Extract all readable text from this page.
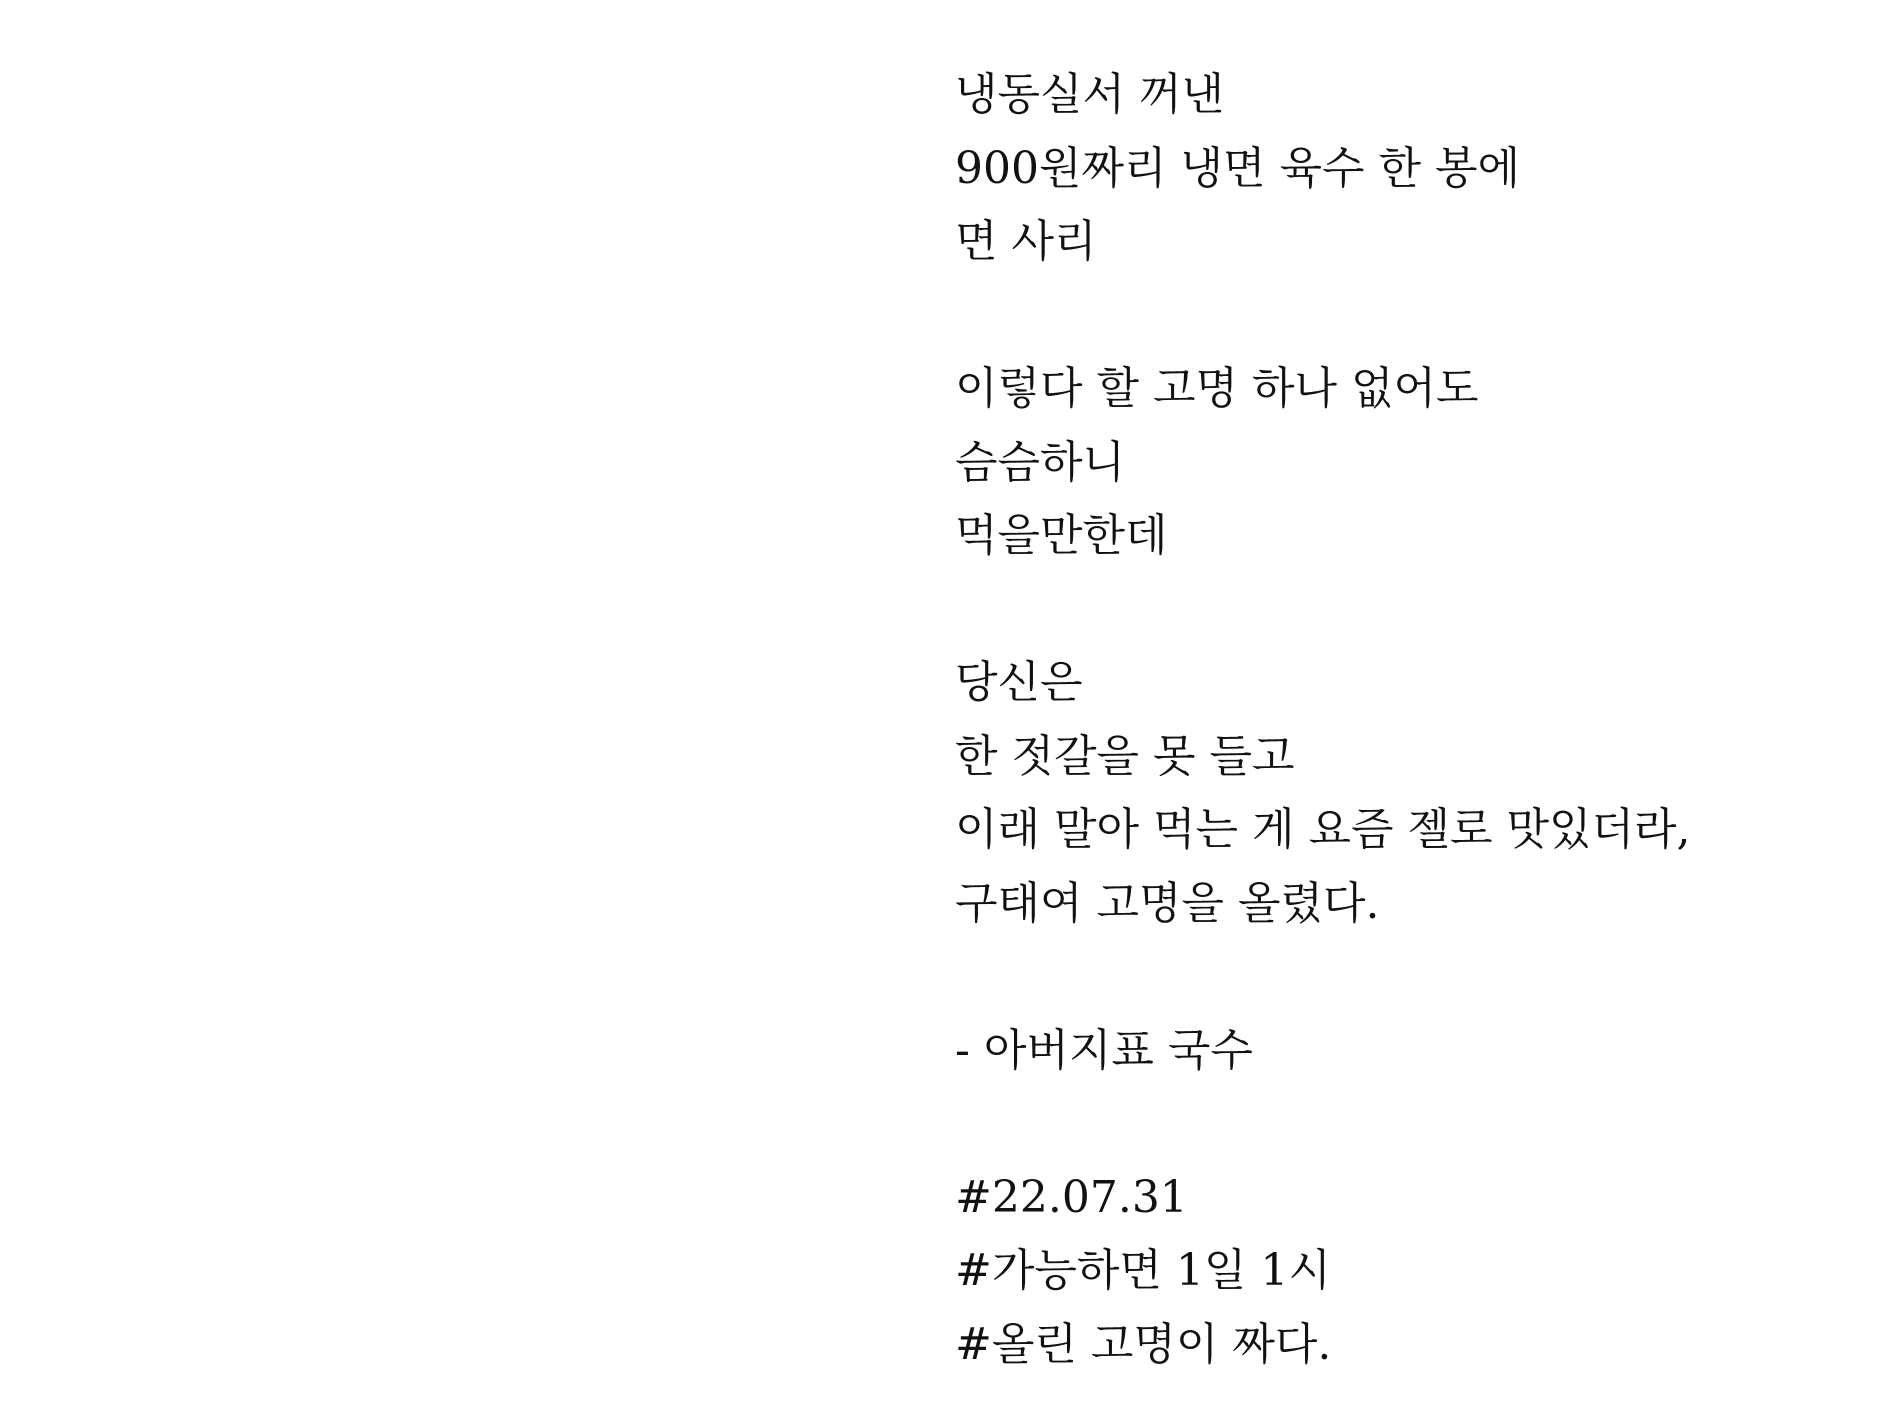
냉동실서 꺼낸
900원짜리 냉면 육수 한 봉에
면 사리
이렇다 할 고명 하나 없어도
슴슴하니
먹을만한데
당신은
한 젓갈을 못 들고
이래 말아 먹는 게 요즘 젤로 맛있더라,
구태여 고명을 올렸다.
- 아버지표 국수
#22.07.31
#가능하면 1일 1시
#올린 고명이 짜다.
